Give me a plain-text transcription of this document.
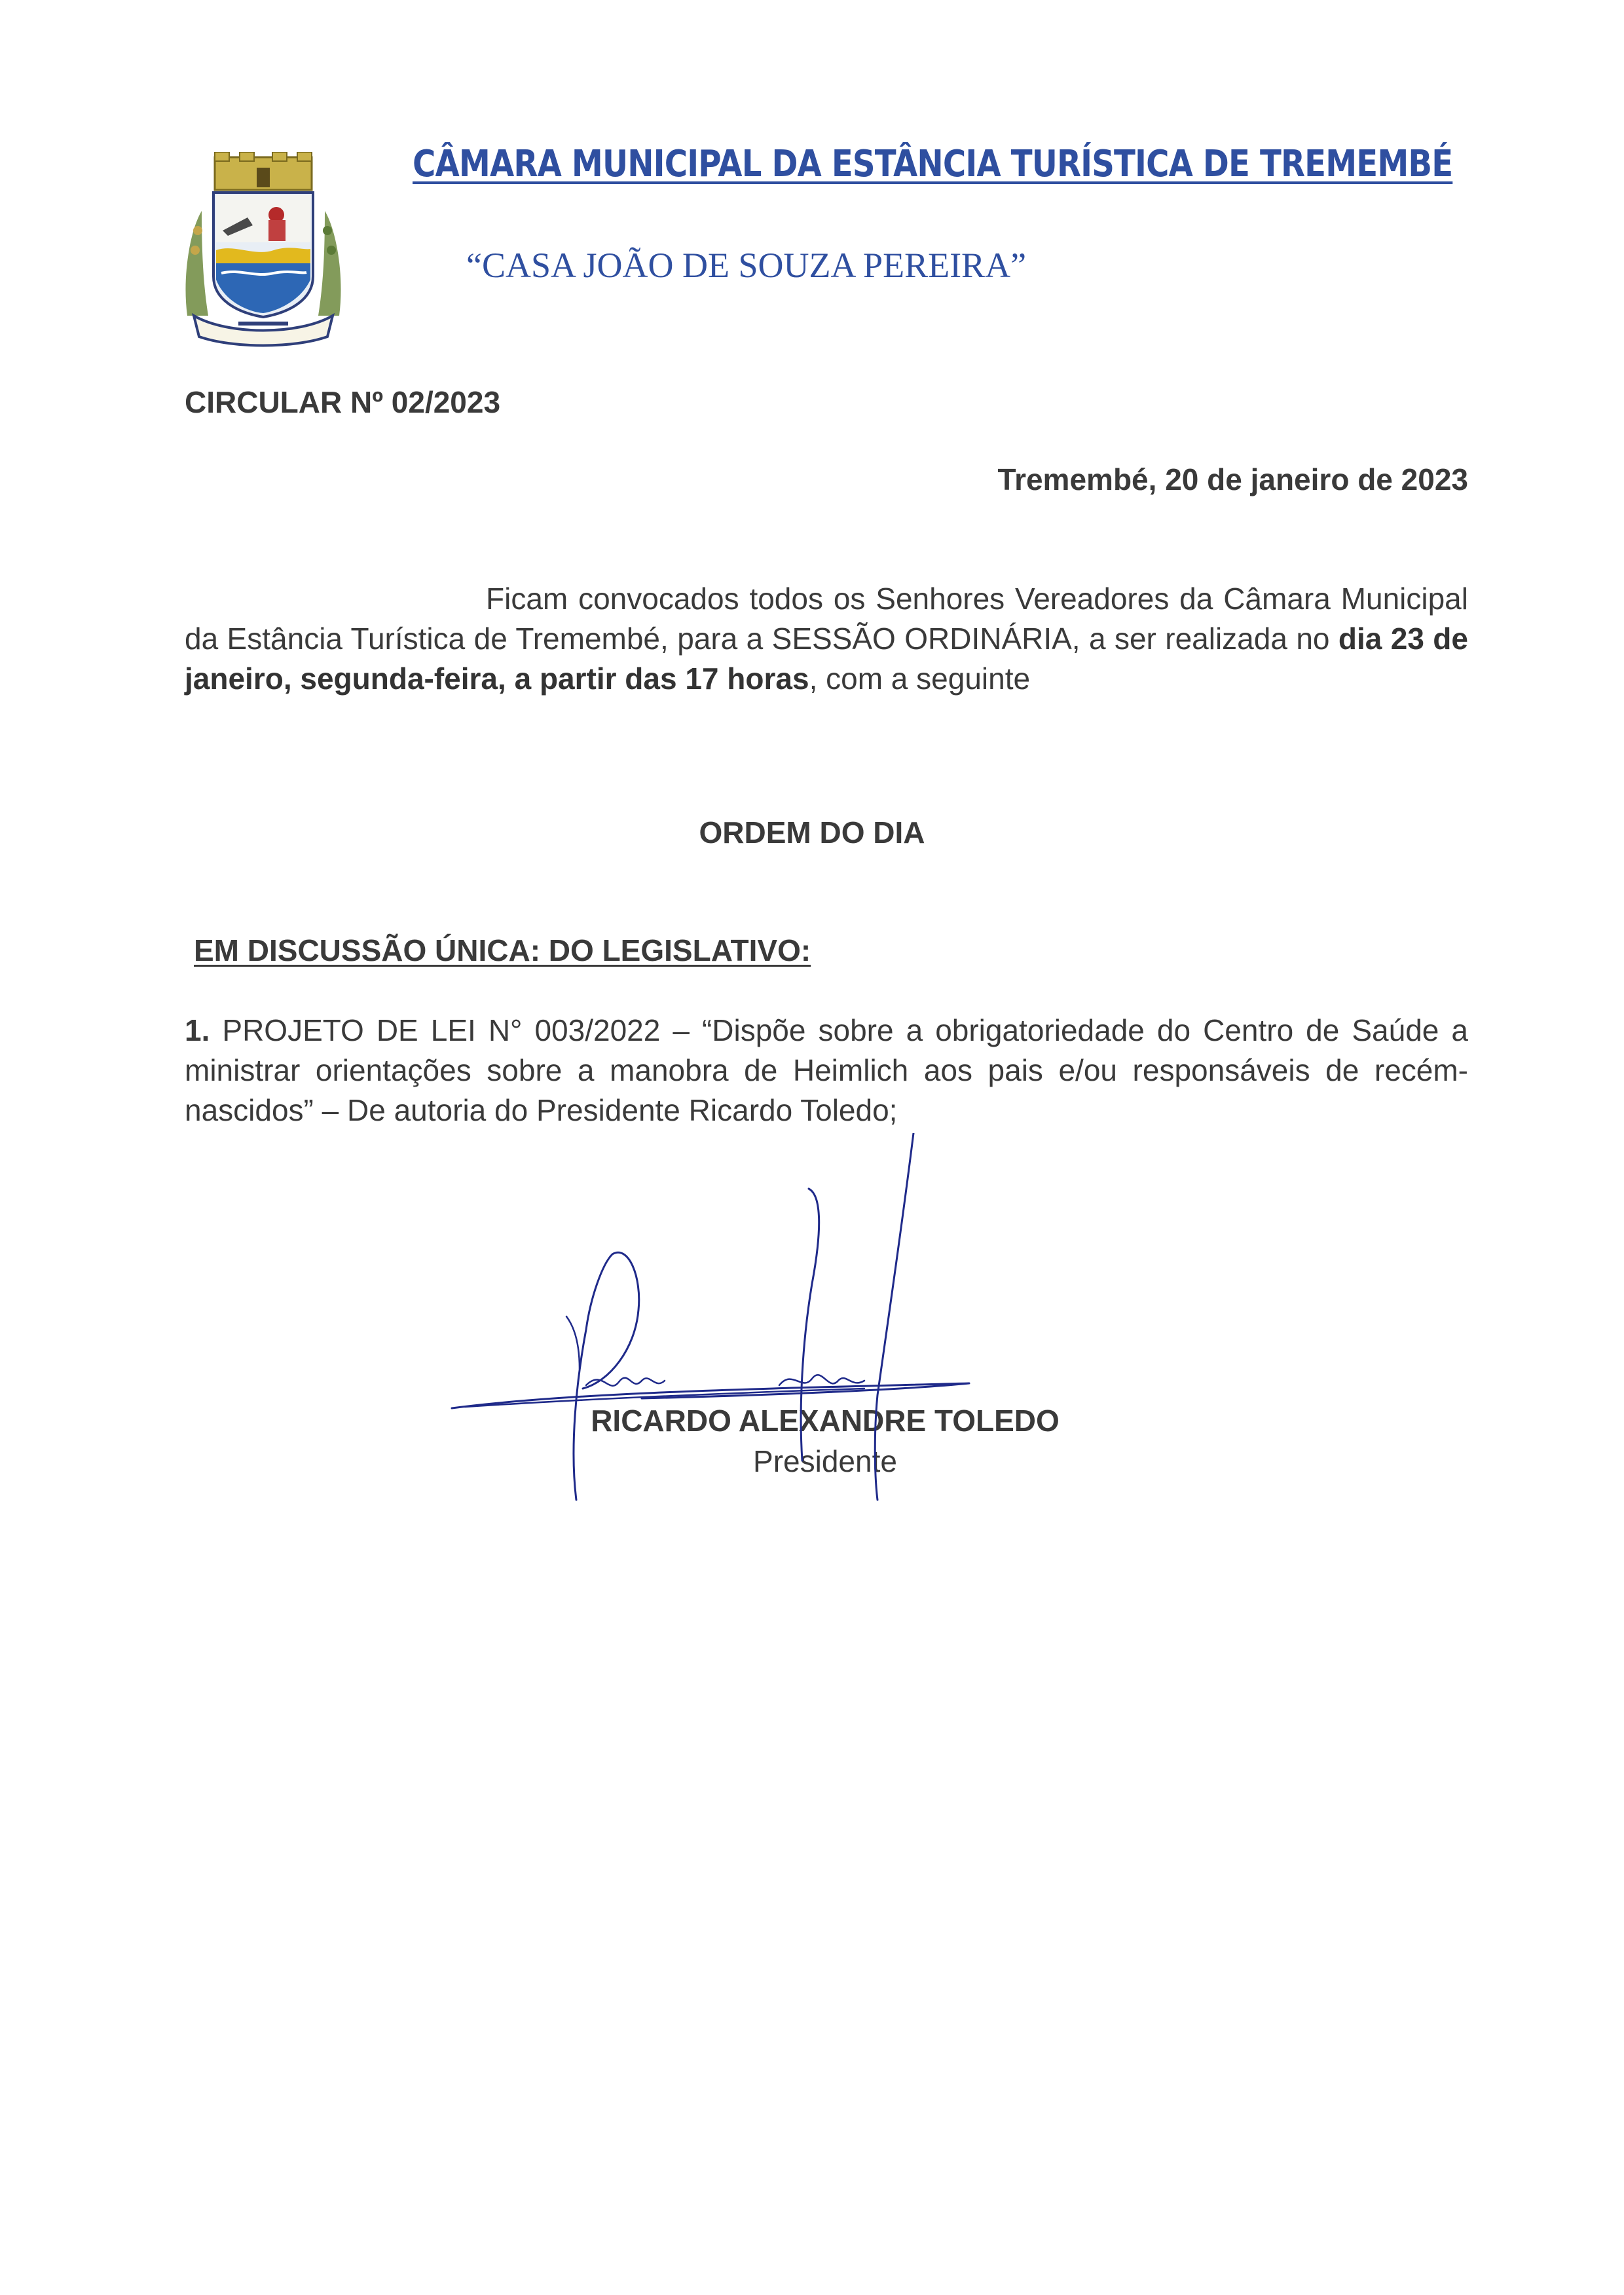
CÂMARA MUNICIPAL DA ESTÂNCIA TURÍSTICA DE TREMEMBÉ
“CASA JOÃO DE SOUZA PEREIRA”
CIRCULAR Nº 02/2023
Tremembé, 20 de janeiro de 2023
Ficam convocados todos os Senhores Vereadores da Câmara Municipal da Estância Turística de Tremembé, para a SESSÃO ORDINÁRIA, a ser realizada no dia 23 de janeiro, segunda-feira, a partir das 17 horas, com a seguinte
ORDEM DO DIA
EM DISCUSSÃO ÚNICA: DO LEGISLATIVO:
1. PROJETO DE LEI N° 003/2022 – “Dispõe sobre a obrigatoriedade do Centro de Saúde a ministrar orientações sobre a manobra de Heimlich aos pais e/ou responsáveis de recém-nascidos” – De autoria do Presidente Ricardo Toledo;
RICARDO ALEXANDRE TOLEDO
Presidente
